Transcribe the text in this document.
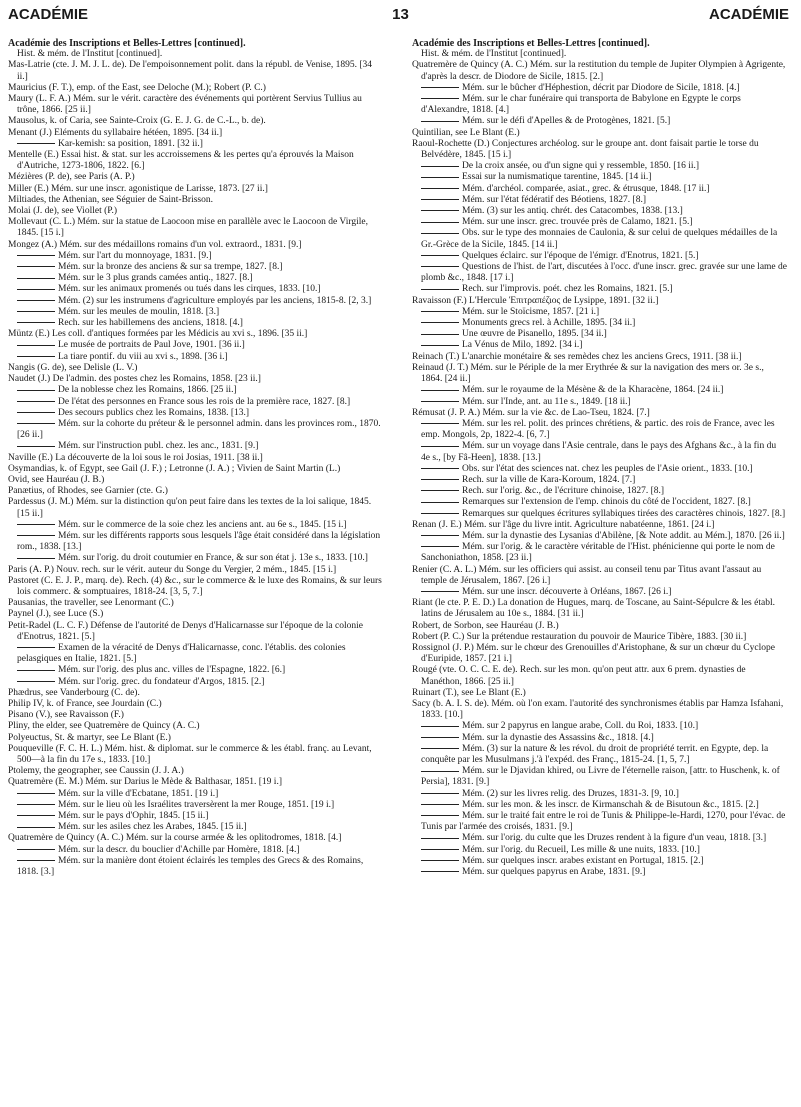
ACADÉMIE	13	ACADÉMIE

Académie des Inscriptions et Belles-Lettres [continued].

Hist. & mém. de l'Institut [continued].

Mas-Latrie (cte. J. M. J. L. de). De l'empoisonnement polit. dans la républ. de Venise, 1895. [34 ii.]

Mauricius (F. T.), emp. of the East, see Deloche (M.); Robert (P. C.)

Maury (L. F. A.) Mém. sur le vérit. caractère des événements qui portèrent Servius Tullius au trône, 1866. [25 ii.]

Mausolus, k. of Caria, see Sainte-Croix (G. E. J. G. de C.-L., b. de).

Menant (J.) Eléments du syllabaire hétéen, 1895. [34 ii.]

Kar-kemish: sa position, 1891. [32 ii.]

Mentelle (E.) Essai hist. & stat. sur les accroissemens & les pertes qu'a éprouvés la Maison d'Autriche, 1273-1806, 1822. [6.]

Mézières (P. de), see Paris (A. P.)

Miller (E.) Mém. sur une inscr. agonistique de Larisse, 1873. [27 ii.]

Miltiades, the Athenian, see Séguier de Saint-Brisson.

Molai (J. de), see Viollet (P.)

Mollevaut (C. L.) Mém. sur la statue de Laocoon mise en parallèle avec le Laocoon de Virgile, 1845. [15 i.]

Mongez (A.) Mém. sur des médaillons romains d'un vol. extraord., 1831. [9.]

Mém. sur l'art du monnoyage, 1831. [9.]

Mém. sur la bronze des anciens & sur sa trempe, 1827. [8.]

Mém. sur le 3 plus grands camées antiq., 1827. [8.]

Mém. sur les animaux promenés ou tués dans les cirques, 1833. [10.]

Mém. (2) sur les instrumens d'agriculture employés par les anciens, 1815-8. [2, 3.]

Mém. sur les meules de moulin, 1818. [3.]

Rech. sur les habillemens des anciens, 1818. [4.]

Müntz (E.) Les coll. d'antiques formées par les Médicis au xvi s., 1896. [35 ii.]

Le musée de portraits de Paul Jove, 1901. [36 ii.]

La tiare pontif. du viii au xvi s., 1898. [36 i.]

Nangis (G. de), see Delisle (L. V.)

Naudet (J.) De l'admin. des postes chez les Romains, 1858. [23 ii.]

De la noblesse chez les Romains, 1866. [25 ii.]

De l'état des personnes en France sous les rois de la première race, 1827. [8.]

Des secours publics chez les Romains, 1838. [13.]

Mém. sur la cohorte du préteur & le personnel admin. dans les provinces rom., 1870. [26 ii.]

Mém. sur l'instruction publ. chez. les anc., 1831. [9.]

Naville (E.) La découverte de la loi sous le roi Josias, 1911. [38 ii.]

Osymandias, k. of Egypt, see Gail (J. F.) ; Letronne (J. A.) ; Vivien de Saint Martin (L.)

Ovid, see Hauréau (J. B.)

Panætius, of Rhodes, see Garnier (cte. G.)

Pardessus (J. M.) Mém. sur la distinction qu'on peut faire dans les textes de la loi salique, 1845. [15 ii.]

Mém. sur le commerce de la soie chez les anciens ant. au 6e s., 1845. [15 i.]

Mém. sur les différents rapports sous lesquels l'âge était considéré dans la législation rom., 1838. [13.]

Mém. sur l'orig. du droit coutumier en France, & sur son état j. 13e s., 1833. [10.]

Paris (A. P.) Nouv. rech. sur le vérit. auteur du Songe du Vergier, 2 mém., 1845. [15 i.]

Pastoret (C. E. J. P., marq. de). Rech. (4) &c., sur le commerce & le luxe des Romains, & sur leurs lois commerc. & somptuaires, 1818-24. [3, 5, 7.]

Pausanias, the traveller, see Lenormant (C.)

Paynel (J.), see Luce (S.)

Petit-Radel (L. C. F.) Défense de l'autorité de Denys d'Halicarnasse sur l'époque de la colonie d'Enotrus, 1821. [5.]

Examen de la véracité de Denys d'Halicarnasse, conc. l'établis. des colonies pelasgiques en Italie, 1821. [5.]

Mém. sur l'orig. des plus anc. villes de l'Espagne, 1822. [6.]

Mém. sur l'orig. grec. du fondateur d'Argos, 1815. [2.]

Phædrus, see Vanderbourg (C. de).

Philip IV, k. of France, see Jourdain (C.)

Pisano (V.), see Ravaisson (F.)

Pliny, the elder, see Quatremère de Quincy (A. C.)

Polyeuctus, St. & martyr, see Le Blant (E.)

Pouqueville (F. C. H. L.) Mém. hist. & diplomat. sur le commerce & les établ. franç. au Levant, 500—à la fin du 17e s., 1833. [10.]

Ptolemy, the geographer, see Caussin (J. J. A.)

Quatremère (E. M.) Mém. sur Darius le Mède & Balthasar, 1851. [19 i.]

Mém. sur la ville d'Ecbatane, 1851. [19 i.]

Mém. sur le lieu où les Israélites traversèrent la mer Rouge, 1851. [19 i.]

Mém. sur le pays d'Ophir, 1845. [15 ii.]

Mém. sur les asiles chez les Arabes, 1845. [15 ii.]

Quatremère de Quincy (A. C.) Mém. sur la course armée & les oplitodromes, 1818. [4.]

Mém. sur la descr. du bouclier d'Achille par Homère, 1818. [4.]

Mém. sur la manière dont étoient éclairés les temples des Grecs & des Romains, 1818. [3.]

Académie des Inscriptions et Belles-Lettres [continued].

Hist. & mém. de l'Institut [continued].

Quatremère de Quincy (A. C.) Mém. sur la restitution du temple de Jupiter Olympien à Agrigente, d'après la descr. de Diodore de Sicile, 1815. [2.]

Mém. sur le bûcher d'Héphestion, décrit par Diodore de Sicile, 1818. [4.]

Mém. sur le char funéraire qui transporta de Babylone en Egypte le corps d'Alexandre, 1818. [4.]

Mém. sur le défi d'Apelles & de Protogènes, 1821. [5.]

Quintilian, see Le Blant (E.)

Raoul-Rochette (D.) Conjectures archéolog. sur le groupe ant. dont faisait partie le torse du Belvédère, 1845. [15 i.]

De la croix ansée, ou d'un signe qui y ressemble, 1850. [16 ii.]

Essai sur la numismatique tarentine, 1845. [14 ii.]

Mém. d'archéol. comparée, asiat., grec. & étrusque, 1848. [17 ii.]

Mém. sur l'état fédératif des Béotiens, 1827. [8.]

Mém. (3) sur les antiq. chrét. des Catacombes, 1838. [13.]

Mém. sur une inscr. grec. trouvée près de Calamo, 1821. [5.]

Obs. sur le type des monnaies de Caulonia, & sur celui de quelques médailles de la Gr.-Grèce de la Sicile, 1845. [14 ii.]

Quelques éclairc. sur l'époque de l'émigr. d'Enotrus, 1821. [5.]

Questions de l'hist. de l'art, discutées à l'occ. d'une inscr. grec. gravée sur une lame de plomb &c., 1848. [17 i.]

Rech. sur l'improvis. poét. chez les Romains, 1821. [5.]

Ravaisson (F.) L'Hercule Ἐπιτραπέζιος de Lysippe, 1891. [32 ii.]

Mém. sur le Stoïcisme, 1857. [21 i.]

Monuments grecs rel. à Achille, 1895. [34 ii.]

Une œuvre de Pisanello, 1895. [34 ii.]

La Vénus de Milo, 1892. [34 i.]

Reinach (T.) L'anarchie monétaire & ses remèdes chez les anciens Grecs, 1911. [38 ii.]

Reinaud (J. T.) Mém. sur le Périple de la mer Erythrée & sur la navigation des mers or. 3e s., 1864. [24 ii.]

Mém. sur le royaume de la Mésène & de la Kharacène, 1864. [24 ii.]

Mém. sur l'Inde, ant. au 11e s., 1849. [18 ii.]

Rémusat (J. P. A.) Mém. sur la vie &c. de Lao-Tseu, 1824. [7.]

Mém. sur les rel. polit. des princes chrétiens, & partic. des rois de France, avec les emp. Mongols, 2p, 1822-4. [6, 7.]

Mém. sur un voyage dans l'Asie centrale, dans le pays des Afghans &c., à la fin du 4e s., [by Fâ-Heen], 1838. [13.]

Obs. sur l'état des sciences nat. chez les peuples de l'Asie orient., 1833. [10.]

Rech. sur la ville de Kara-Koroum, 1824. [7.]

Rech. sur l'orig. &c., de l'écriture chinoise, 1827. [8.]

Remarques sur l'extension de l'emp. chinois du côté de l'occident, 1827. [8.]

Remarques sur quelques écritures syllabiques tirées des caractères chinois, 1827. [8.]

Renan (J. E.) Mém. sur l'âge du livre intit. Agriculture nabatéenne, 1861. [24 i.]

Mém. sur la dynastie des Lysanias d'Abilène, [& Note addit. au Mém.], 1870. [26 ii.]

Mém. sur l'orig. & le caractère véritable de l'Hist. phénicienne qui porte le nom de Sanchoniathon, 1858. [23 ii.]

Renier (C. A. L.) Mém. sur les officiers qui assist. au conseil tenu par Titus avant l'assaut au temple de Jérusalem, 1867. [26 i.]

Mém. sur une inscr. découverte à Orléans, 1867. [26 i.]

Riant (le cte. P. E. D.) La donation de Hugues, marq. de Toscane, au Saint-Sépulcre & les établ. latins de Jérusalem au 10e s., 1884. [31 ii.]

Robert, de Sorbon, see Hauréau (J. B.)

Robert (P. C.) Sur la prétendue restauration du pouvoir de Maurice Tibère, 1883. [30 ii.]

Rossignol (J. P.) Mém. sur le chœur des Grenouilles d'Aristophane, & sur un chœur du Cyclope d'Euripide, 1857. [21 i.]

Rougé (vte. O. C. C. E. de). Rech. sur les mon. qu'on peut attr. aux 6 prem. dynasties de Manéthon, 1866. [25 ii.]

Ruinart (T.), see Le Blant (E.)

Sacy (b. A. I. S. de). Mém. où l'on exam. l'autorité des synchronismes établis par Hamza Isfahani, 1833. [10.]

Mém. sur 2 papyrus en langue arabe, Coll. du Roi, 1833. [10.]

Mém. sur la dynastie des Assassins &c., 1818. [4.]

Mém. (3) sur la nature & les révol. du droit de propriété territ. en Egypte, dep. la conquête par les Musulmans j.'à l'expéd. des Franç., 1815-24. [1, 5, 7.]

Mém. sur le Djavidan khired, ou Livre de l'éternelle raison, [attr. to Huschenk, k. of Persia], 1831. [9.]

Mém. (2) sur les livres relig. des Druzes, 1831-3. [9, 10.]

Mém. sur les mon. & les inscr. de Kirmanschah & de Bisutoun &c., 1815. [2.]

Mém. sur le traité fait entre le roi de Tunis & Philippe-le-Hardi, 1270, pour l'évac. de Tunis par l'armée des croisés, 1831. [9.]

Mém. sur l'orig. du culte que les Druzes rendent à la figure d'un veau, 1818. [3.]

Mém. sur l'orig. du Recueil, Les mille & une nuits, 1833. [10.]

Mém. sur quelques inscr. arabes existant en Portugal, 1815. [2.]

Mém. sur quelques papyrus en Arabe, 1831. [9.]
